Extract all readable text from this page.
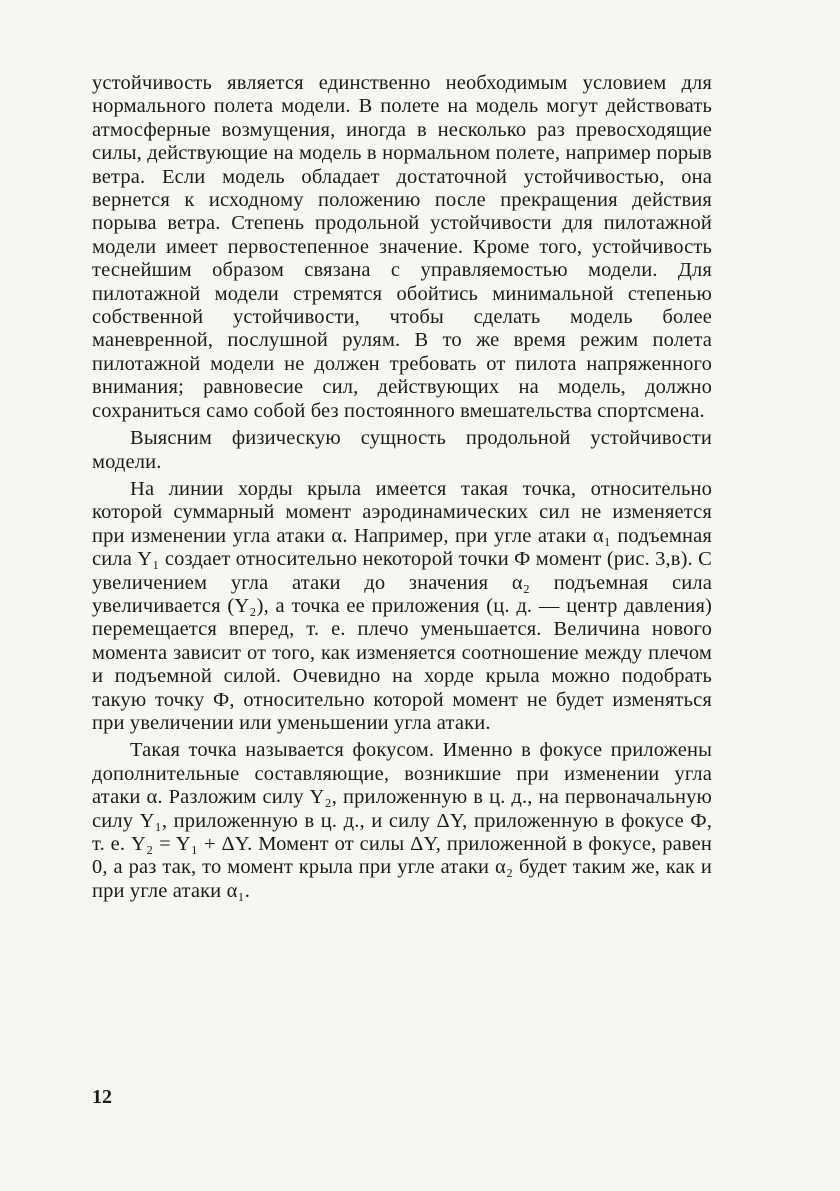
устойчивость является единственно необходимым условием для нормального полета модели. В полете на модель могут действовать атмосферные возмущения, иногда в несколько раз превосходящие силы, действующие на модель в нормальном полете, например порыв ветра. Если модель обладает достаточной устойчивостью, она вернется к исходному положению после прекращения действия порыва ветра. Степень продольной устойчивости для пилотажной модели имеет первостепенное значение. Кроме того, устойчивость теснейшим образом связана с управляемостью модели. Для пилотажной модели стремятся обойтись минимальной степенью собственной устойчивости, чтобы сделать модель более маневренной, послушной рулям. В то же время режим полета пилотажной модели не должен требовать от пилота напряженного внимания; равновесие сил, действующих на модель, должно сохраниться само собой без постоянного вмешательства спортсмена.

Выясним физическую сущность продольной устойчивости модели.

На линии хорды крыла имеется такая точка, относительно которой суммарный момент аэродинамических сил не изменяется при изменении угла атаки α. Например, при угле атаки α₁ подъемная сила Y₁ создает относительно некоторой точки Ф момент (рис. 3,в). С увеличением угла атаки до значения α₂ подъемная сила увеличивается (Y₂), а точка ее приложения (ц. д. — центр давления) перемещается вперед, т. е. плечо уменьшается. Величина нового момента зависит от того, как изменяется соотношение между плечом и подъемной силой. Очевидно на хорде крыла можно подобрать такую точку Ф, относительно которой момент не будет изменяться при увеличении или уменьшении угла атаки.

Такая точка называется фокусом. Именно в фокусе приложены дополнительные составляющие, возникшие при изменении угла атаки α. Разложим силу Y₂, приложенную в ц. д., на первоначальную силу Y₁, приложенную в ц. д., и силу ΔY, приложенную в фокусе Ф, т. е. Y₂ = Y₁ + ΔY. Момент от силы ΔY, приложенной в фокусе, равен 0, а раз так, то момент крыла при угле атаки α₂ будет таким же, как и при угле атаки α₁.

12
